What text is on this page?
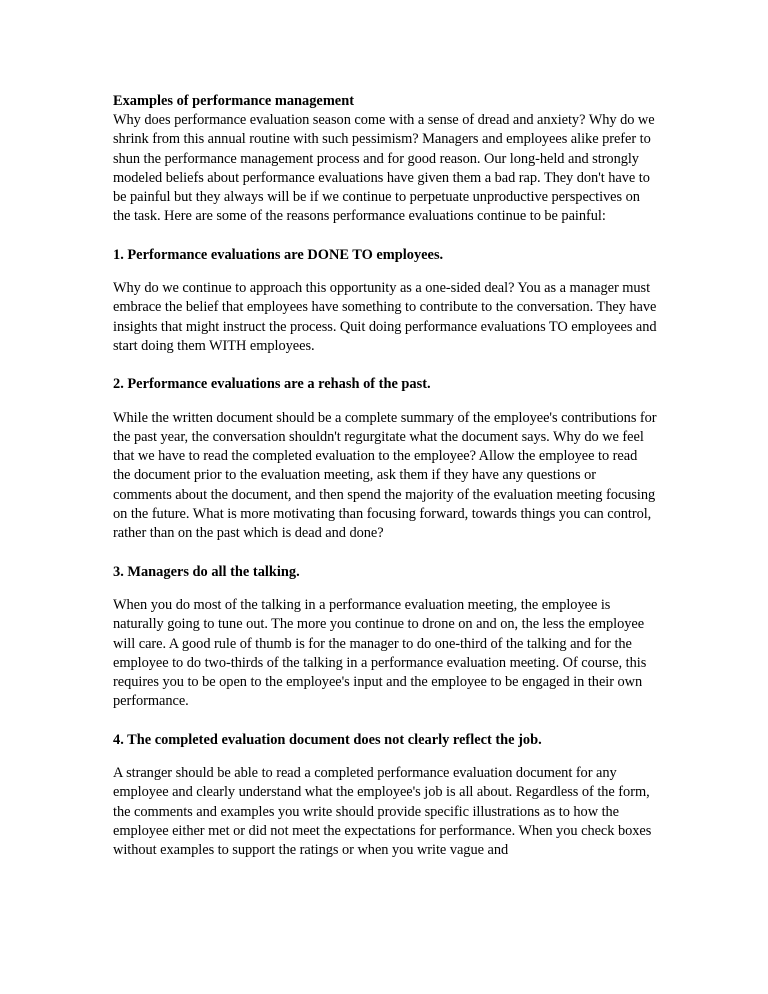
Examples of performance management

Why does performance evaluation season come with a sense of dread and anxiety? Why do we shrink from this annual routine with such pessimism? Managers and employees alike prefer to shun the performance management process and for good reason. Our long-held and strongly modeled beliefs about performance evaluations have given them a bad rap. They don't have to be painful but they always will be if we continue to perpetuate unproductive perspectives on the task. Here are some of the reasons performance evaluations continue to be painful:

1. Performance evaluations are DONE TO employees.

Why do we continue to approach this opportunity as a one-sided deal? You as a manager must embrace the belief that employees have something to contribute to the conversation. They have insights that might instruct the process. Quit doing performance evaluations TO employees and start doing them WITH employees.

2. Performance evaluations are a rehash of the past.

While the written document should be a complete summary of the employee's contributions for the past year, the conversation shouldn't regurgitate what the document says. Why do we feel that we have to read the completed evaluation to the employee? Allow the employee to read the document prior to the evaluation meeting, ask them if they have any questions or comments about the document, and then spend the majority of the evaluation meeting focusing on the future. What is more motivating than focusing forward, towards things you can control, rather than on the past which is dead and done?

3. Managers do all the talking.

When you do most of the talking in a performance evaluation meeting, the employee is naturally going to tune out. The more you continue to drone on and on, the less the employee will care. A good rule of thumb is for the manager to do one-third of the talking and for the employee to do two-thirds of the talking in a performance evaluation meeting. Of course, this requires you to be open to the employee's input and the employee to be engaged in their own performance.

4. The completed evaluation document does not clearly reflect the job.

A stranger should be able to read a completed performance evaluation document for any employee and clearly understand what the employee's job is all about. Regardless of the form, the comments and examples you write should provide specific illustrations as to how the employee either met or did not meet the expectations for performance. When you check boxes without examples to support the ratings or when you write vague and
